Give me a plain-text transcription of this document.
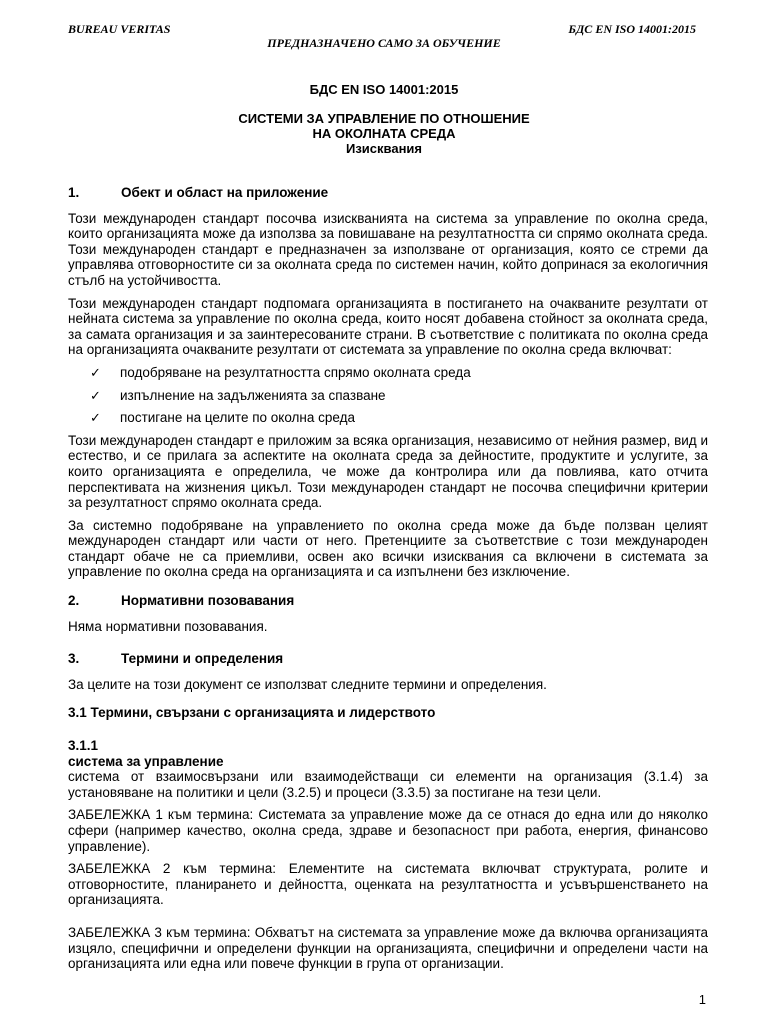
BUREAU VERITAS	БДС EN ISO 14001:2015
ПРЕДНАЗНАЧЕНО САМО ЗА ОБУЧЕНИЕ
БДС EN ISO 14001:2015
СИСТЕМИ ЗА УПРАВЛЕНИЕ ПО ОТНОШЕНИЕ
НА ОКОЛНАТА СРЕДА
Изисквания
1.	Обект и област на приложение

Този международен стандарт посочва изискванията на система за управление по околна среда, които организацията може да използва за повишаване на резултатността си спрямо околната среда. Този международен стандарт е предназначен за използване от организация, която се стреми да управлява отговорностите си за околната среда по системен начин, който допринася за екологичния стълб на устойчивостта.

Този международен стандарт подпомага организацията в постигането на очакваните резултати от нейната система за управление по околна среда, които носят добавена стойност за околната среда, за самата организация и за заинтересованите страни. В съответствие с политиката по околна среда на организацията очакваните резултати от системата за управление по околна среда включват:

✓	подобряване на резултатността спрямо околната среда
✓	изпълнение на задълженията за спазване
✓	постигане на целите по околна среда

Този международен стандарт е приложим за всяка организация, независимо от нейния размер, вид и естество, и се прилага за аспектите на околната среда за дейностите, продуктите и услугите, за които организацията е определила, че може да контролира или да повлиява, като отчита перспективата на жизнения цикъл. Този международен стандарт не посочва специфични критерии за резултатност спрямо околната среда.

За системно подобряване на управлението по околна среда може да бъде ползван целият международен стандарт или части от него. Претенциите за съответствие с този международен стандарт обаче не са приемливи, освен ако всички изисквания са включени в системата за управление по околна среда на организацията и са изпълнени без изключение.

2.	Нормативни позовавания

Няма нормативни позовавания.

3.	Термини и определения

За целите на този документ се използват следните термини и определения.

3.1 Термини, свързани с организацията и лидерството
3.1.1
система за управление

система от взаимосвързани или взаимодействащи си елементи на организация (3.1.4) за установяване на политики и цели (3.2.5) и процеси (3.3.5) за постигане на тези цели.

ЗАБЕЛЕЖКА 1 към термина: Системата за управление може да се отнася до една или до няколко сфери (например качество, околна среда, здраве и безопасност при работа, енергия, финансово управление).

ЗАБЕЛЕЖКА 2 към термина: Елементите на системата включват структурата, ролите и отговорностите, планирането и дейността, оценката на резултатността и усъвършенстването на организацията.

ЗАБЕЛЕЖКА 3 към термина: Обхватът на системата за управление може да включва организацията изцяло, специфични и определени функции на организацията, специфични и определени части на организацията или една или повече функции в група от организации.

1
